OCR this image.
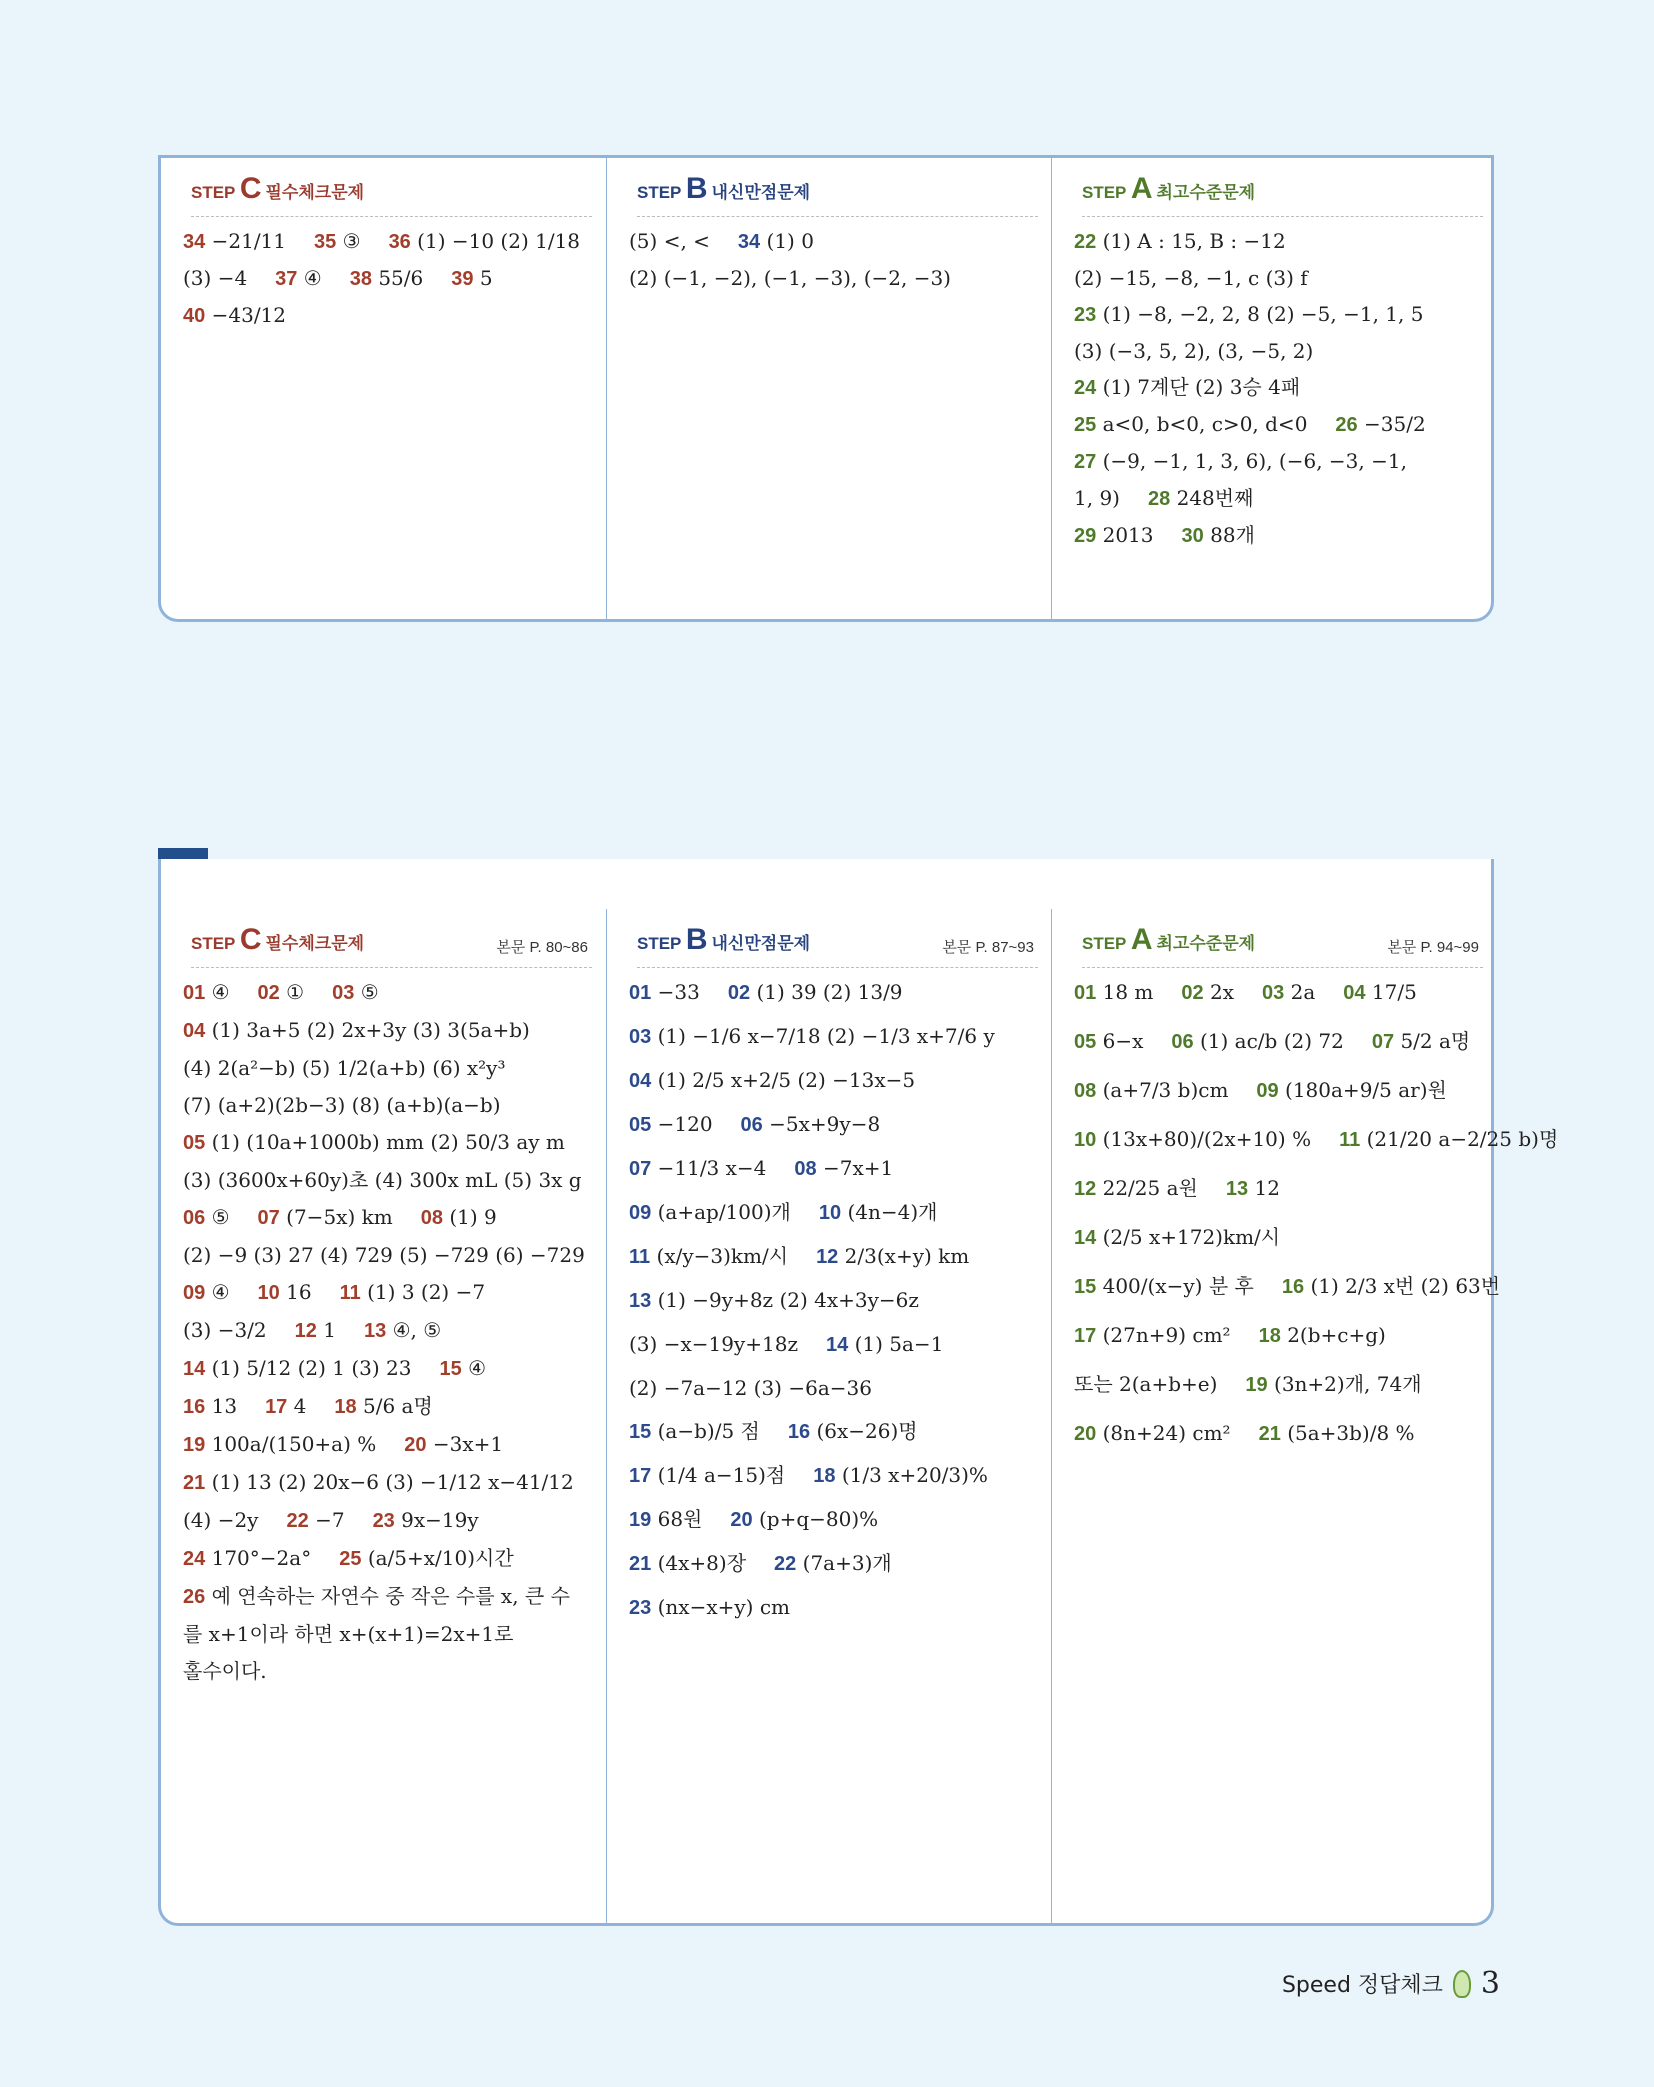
STEP C 필수체크문제
34 −21/11 35 ③ 36 (1) −10 (2) 1/18
(3) −4 37 ④ 38 55/6 39 5
40 −43/12
STEP B 내신만점문제
(5) <, < 34 (1) 0
(2) (−1, −2), (−1, −3), (−2, −3)
STEP A 최고수준문제
22 (1) A : 15, B : −12
(2) −15, −8, −1, c (3) f
23 (1) −8, −2, 2, 8 (2) −5, −1, 1, 5
(3) (−3, 5, 2), (3, −5, 2)
24 (1) 7계단 (2) 3승 4패
25 a<0, b<0, c>0, d<0 26 −35/2
27 (−9, −1, 1, 3, 6), (−6, −3, −1,
1, 9) 28 248번째
29 2013 30 88개
STEP C 필수체크문제	본문 P. 80~86
01 ④ 02 ① 03 ⑤
04 (1) 3a+5 (2) 2x+3y (3) 3(5a+b)
(4) 2(a²−b) (5) 1/2(a+b) (6) x²y³
(7) (a+2)(2b−3) (8) (a+b)(a−b)
05 (1) (10a+1000b) mm (2) 50/3 ay m
(3) (3600x+60y)초 (4) 300x mL (5) 3x g
06 ⑤ 07 (7−5x) km 08 (1) 9
(2) −9 (3) 27 (4) 729 (5) −729 (6) −729
09 ④ 10 16 11 (1) 3 (2) −7
(3) −3/2 12 1 13 ④, ⑤
14 (1) 5/12 (2) 1 (3) 23 15 ④
16 13 17 4 18 5/6 a명
19 100a/(150+a) % 20 −3x+1
21 (1) 13 (2) 20x−6 (3) −1/12 x−41/12
(4) −2y 22 −7 23 9x−19y
24 170°−2a° 25 (a/5+x/10)시간
26 예 연속하는 자연수 중 작은 수를 x, 큰 수
를 x+1이라 하면 x+(x+1)=2x+1로
홀수이다.
STEP B 내신만점문제	본문 P. 87~93
01 −33 02 (1) 39 (2) 13/9
03 (1) −1/6 x−7/18 (2) −1/3 x+7/6 y
04 (1) 2/5 x+2/5 (2) −13x−5
05 −120 06 −5x+9y−8
07 −11/3 x−4 08 −7x+1
09 (a+ap/100)개 10 (4n−4)개
11 (x/y−3)km/시 12 2/3(x+y) km
13 (1) −9y+8z (2) 4x+3y−6z
(3) −x−19y+18z 14 (1) 5a−1
(2) −7a−12 (3) −6a−36
15 (a−b)/5 점 16 (6x−26)명
17 (1/4 a−15)점 18 (1/3 x+20/3)%
19 68원 20 (p+q−80)%
21 (4x+8)장 22 (7a+3)개
23 (nx−x+y) cm
STEP A 최고수준문제	본문 P. 94~99
01 18 m 02 2x 03 2a 04 17/5
05 6−x 06 (1) ac/b (2) 72 07 5/2 a명
08 (a+7/3 b)cm 09 (180a+9/5 ar)원
10 (13x+80)/(2x+10) % 11 (21/20 a−2/25 b)명
12 22/25 a원 13 12
14 (2/5 x+172)km/시
15 400/(x−y) 분 후 16 (1) 2/3 x번 (2) 63번
17 (27n+9) cm² 18 2(b+c+g)
또는 2(a+b+e) 19 (3n+2)개, 74개
20 (8n+24) cm² 21 (5a+3b)/8 %
Speed 정답체크 3
